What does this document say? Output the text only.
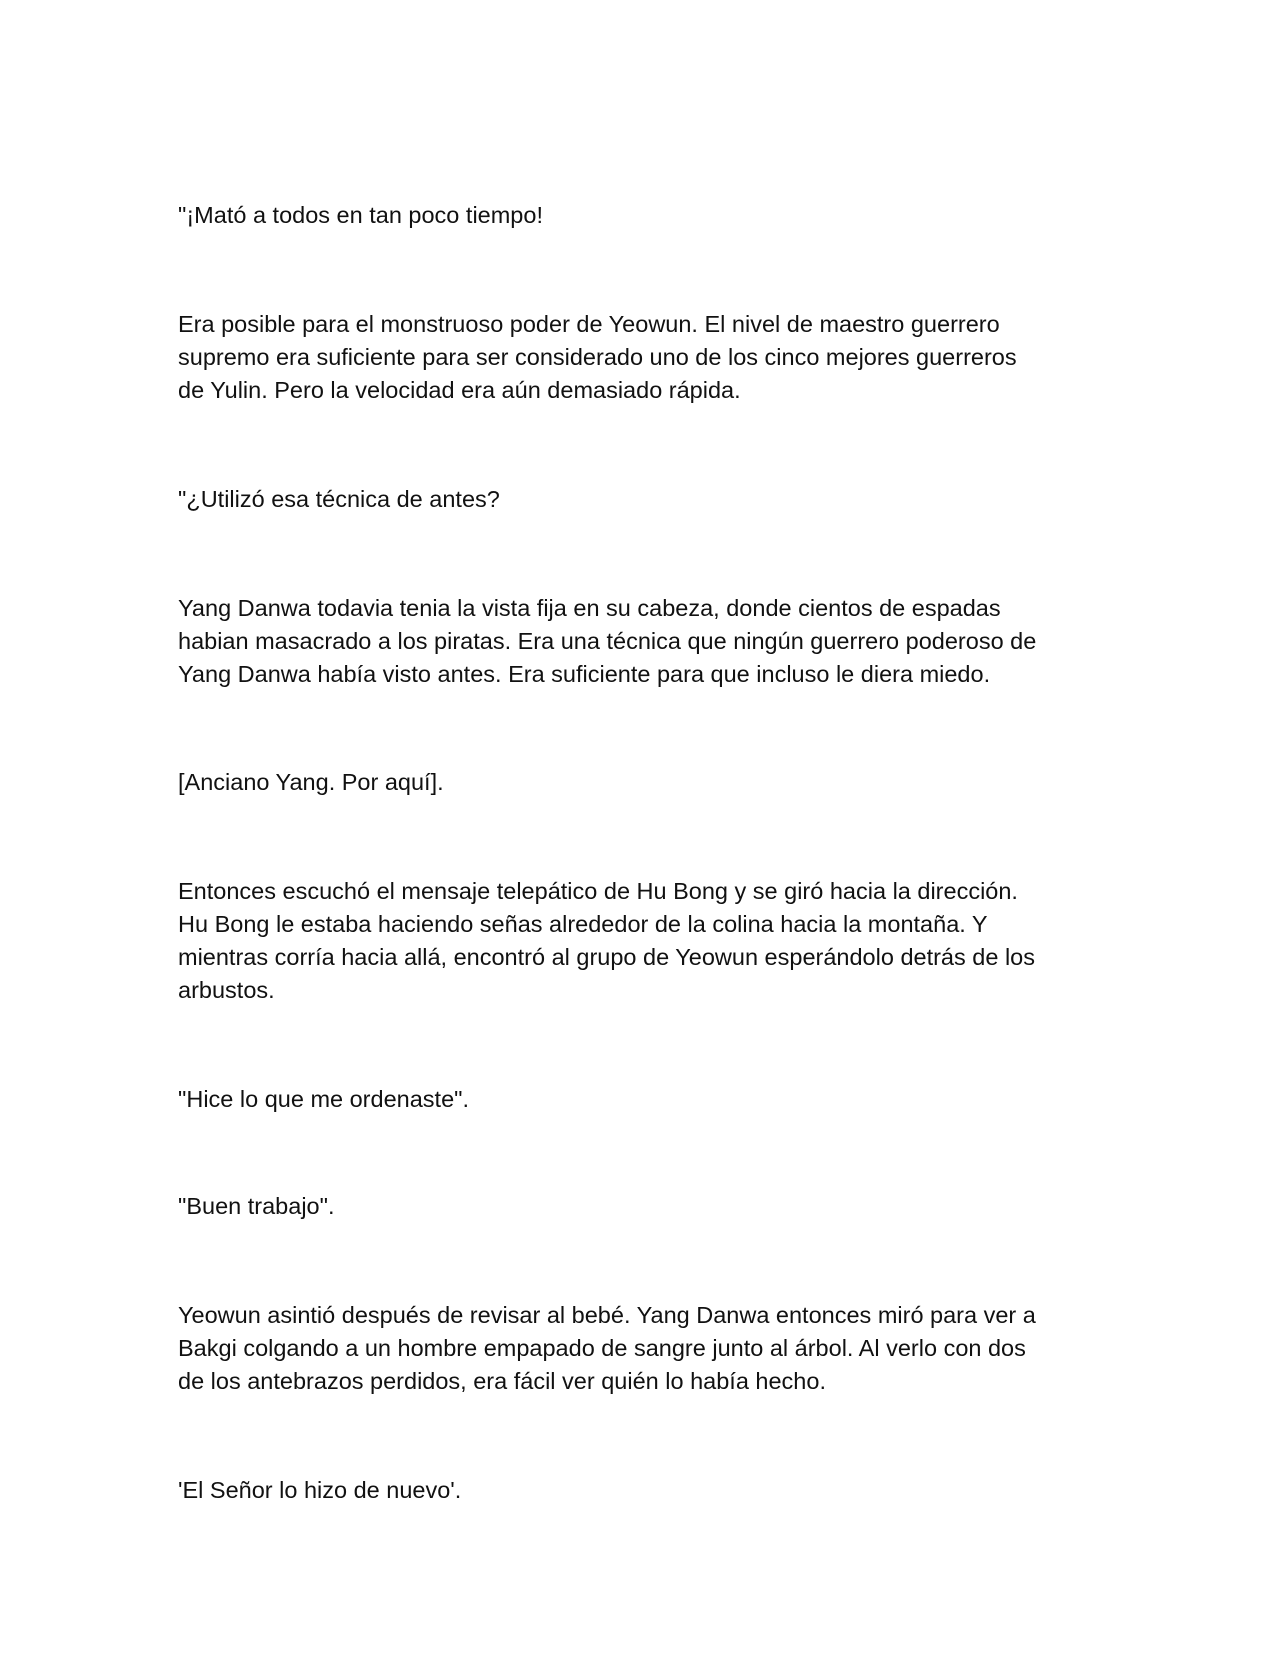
"¡Mató a todos en tan poco tiempo!

Era posible para el monstruoso poder de Yeowun. El nivel de maestro guerrero
supremo era suficiente para ser considerado uno de los cinco mejores guerreros
de Yulin. Pero la velocidad era aún demasiado rápida.

"¿Utilizó esa técnica de antes?

Yang Danwa todavia tenia la vista fija en su cabeza, donde cientos de espadas
habian masacrado a los piratas. Era una técnica que ningún guerrero poderoso de
Yang Danwa había visto antes. Era suficiente para que incluso le diera miedo.

[Anciano Yang. Por aquí].

Entonces escuchó el mensaje telepático de Hu Bong y se giró hacia la dirección.
Hu Bong le estaba haciendo señas alrededor de la colina hacia la montaña. Y
mientras corría hacia allá, encontró al grupo de Yeowun esperándolo detrás de los
arbustos.

"Hice lo que me ordenaste".

"Buen trabajo".

Yeowun asintió después de revisar al bebé. Yang Danwa entonces miró para ver a
Bakgi colgando a un hombre empapado de sangre junto al árbol. Al verlo con dos
de los antebrazos perdidos, era fácil ver quién lo había hecho.

'El Señor lo hizo de nuevo'.
